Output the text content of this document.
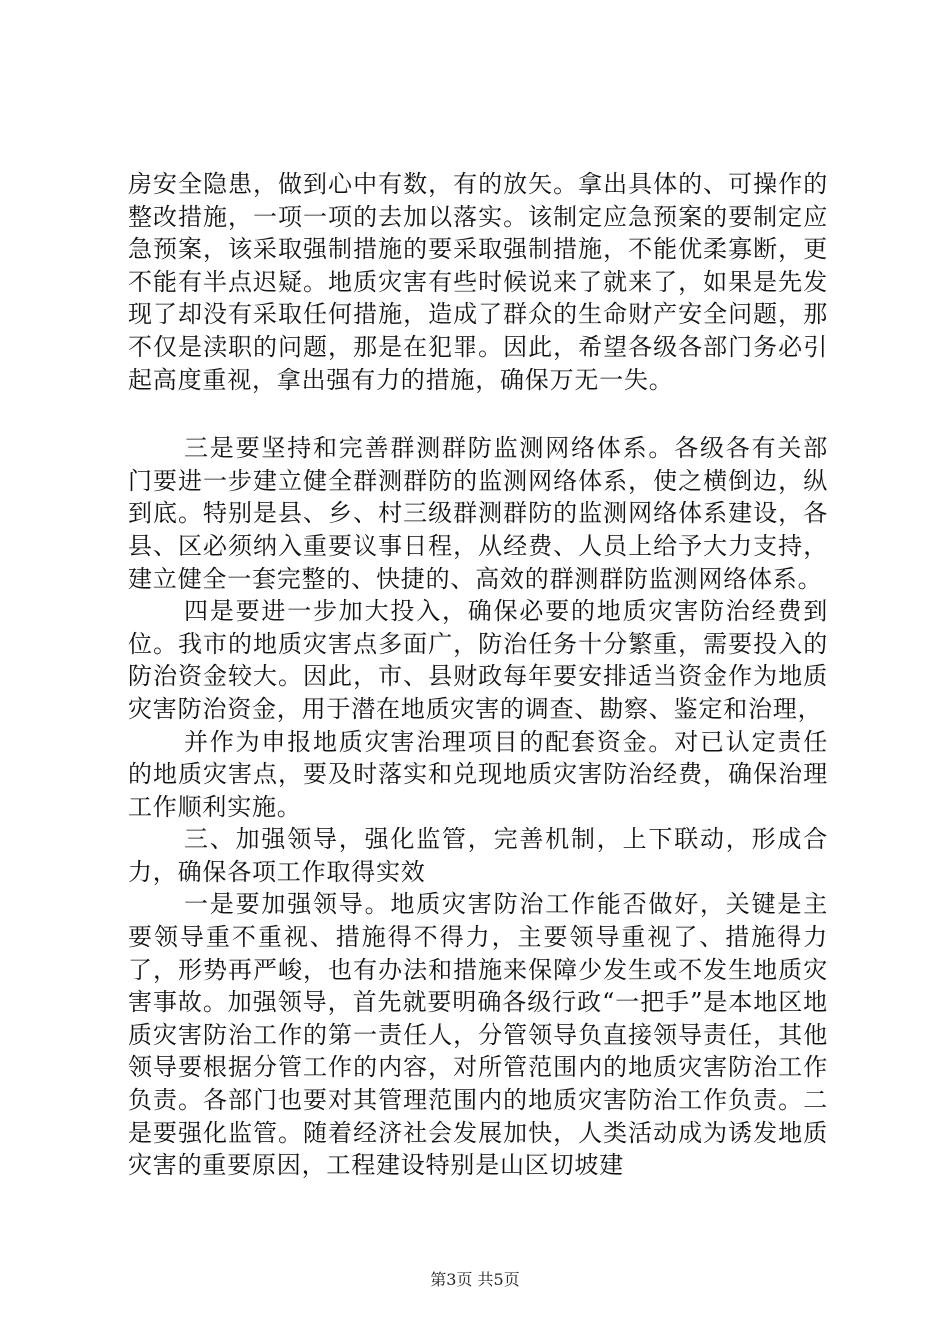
房安全隐患，做到心中有数，有的放矢。拿出具体的、可操作的整改措施，一项一项的去加以落实。该制定应急预案的要制定应急预案，该采取强制措施的要采取强制措施，不能优柔寡断，更不能有半点迟疑。地质灾害有些时候说来了就来了，如果是先发现了却没有采取任何措施，造成了群众的生命财产安全问题，那不仅是渎职的问题，那是在犯罪。因此，希望各级各部门务必引起高度重视，拿出强有力的措施，确保万无一失。

三是要坚持和完善群测群防监测网络体系。各级各有关部门要进一步建立健全群测群防的监测网络体系，使之横倒边，纵到底。特别是县、乡、村三级群测群防的监测网络体系建设，各县、区必须纳入重要议事日程，从经费、人员上给予大力支持，建立健全一套完整的、快捷的、高效的群测群防监测网络体系。

四是要进一步加大投入，确保必要的地质灾害防治经费到位。我市的地质灾害点多面广，防治任务十分繁重，需要投入的防治资金较大。因此，市、县财政每年要安排适当资金作为地质灾害防治资金，用于潜在地质灾害的调查、勘察、鉴定和治理，

并作为申报地质灾害治理项目的配套资金。对已认定责任的地质灾害点，要及时落实和兑现地质灾害防治经费，确保治理工作顺利实施。

三、加强领导，强化监管，完善机制，上下联动，形成合力，确保各项工作取得实效

一是要加强领导。地质灾害防治工作能否做好，关键是主要领导重不重视、措施得不得力，主要领导重视了、措施得力了，形势再严峻，也有办法和措施来保障少发生或不发生地质灾害事故。加强领导，首先就要明确各级行政“一把手”是本地区地质灾害防治工作的第一责任人，分管领导负直接领导责任，其他领导要根据分管工作的内容，对所管范围内的地质灾害防治工作负责。各部门也要对其管理范围内的地质灾害防治工作负责。二是要强化监管。随着经济社会发展加快，人类活动成为诱发地质灾害的重要原因，工程建设特别是山区切坡建

第3页 共5页
